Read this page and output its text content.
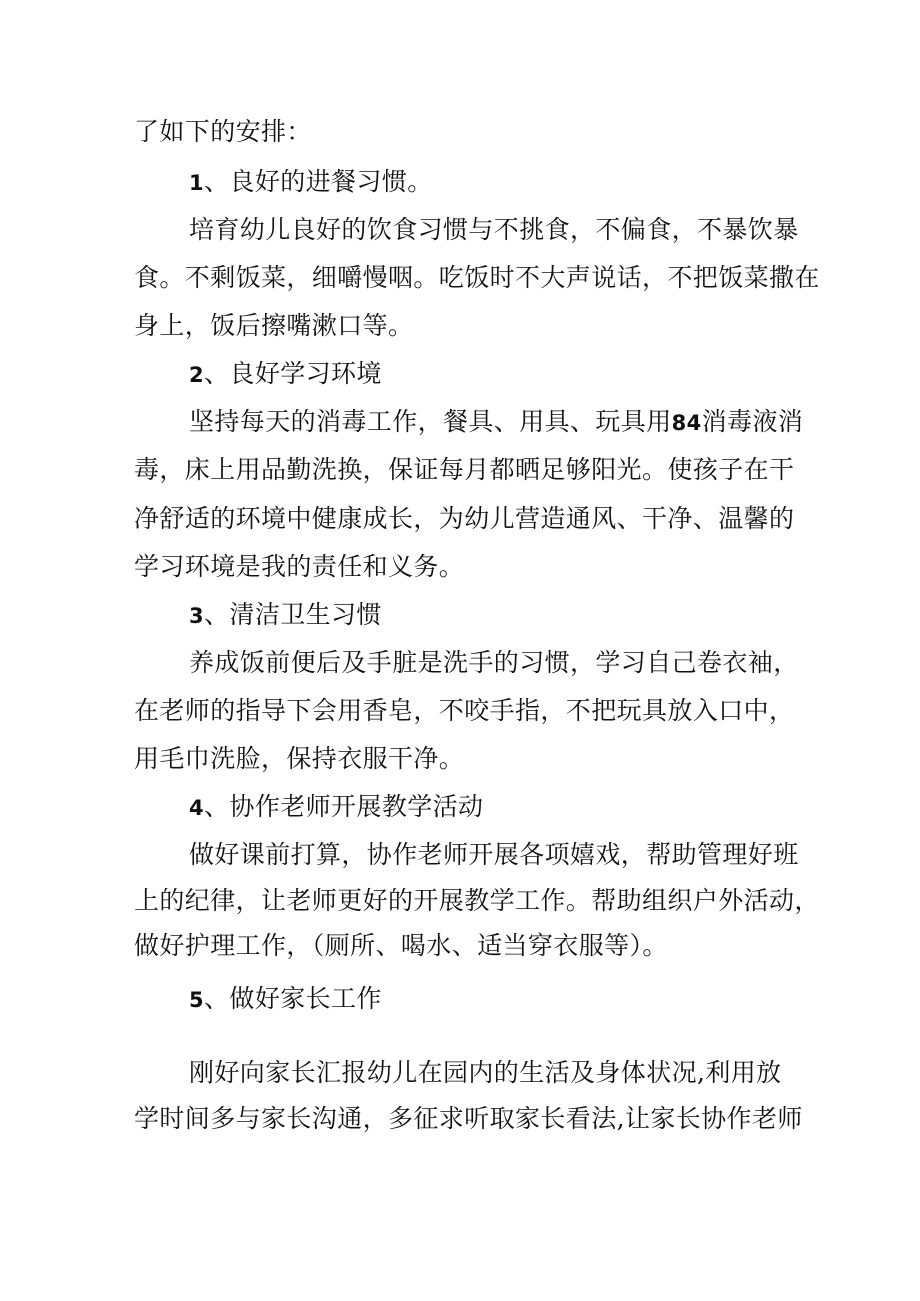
了如下的安排：
1、良好的进餐习惯。
培育幼儿良好的饮食习惯与不挑食，不偏食，不暴饮暴
食。不剩饭菜，细嚼慢咽。吃饭时不大声说话，不把饭菜撒在
身上，饭后擦嘴漱口等。
2、良好学习环境
坚持每天的消毒工作，餐具、用具、玩具用84消毒液消
毒，床上用品勤洗换，保证每月都晒足够阳光。使孩子在干
净舒适的环境中健康成长，为幼儿营造通风、干净、温馨的
学习环境是我的责任和义务。
3、清洁卫生习惯
养成饭前便后及手脏是洗手的习惯，学习自己卷衣袖，
在老师的指导下会用香皂，不咬手指，不把玩具放入口中，
用毛巾洗脸，保持衣服干净。
4、协作老师开展教学活动
做好课前打算，协作老师开展各项嬉戏，帮助管理好班
上的纪律，让老师更好的开展教学工作。帮助组织户外活动，
做好护理工作，（厕所、喝水、适当穿衣服等）。
5、做好家长工作
刚好向家长汇报幼儿在园内的生活及身体状况,利用放
学时间多与家长沟通，多征求听取家长看法,让家长协作老师
